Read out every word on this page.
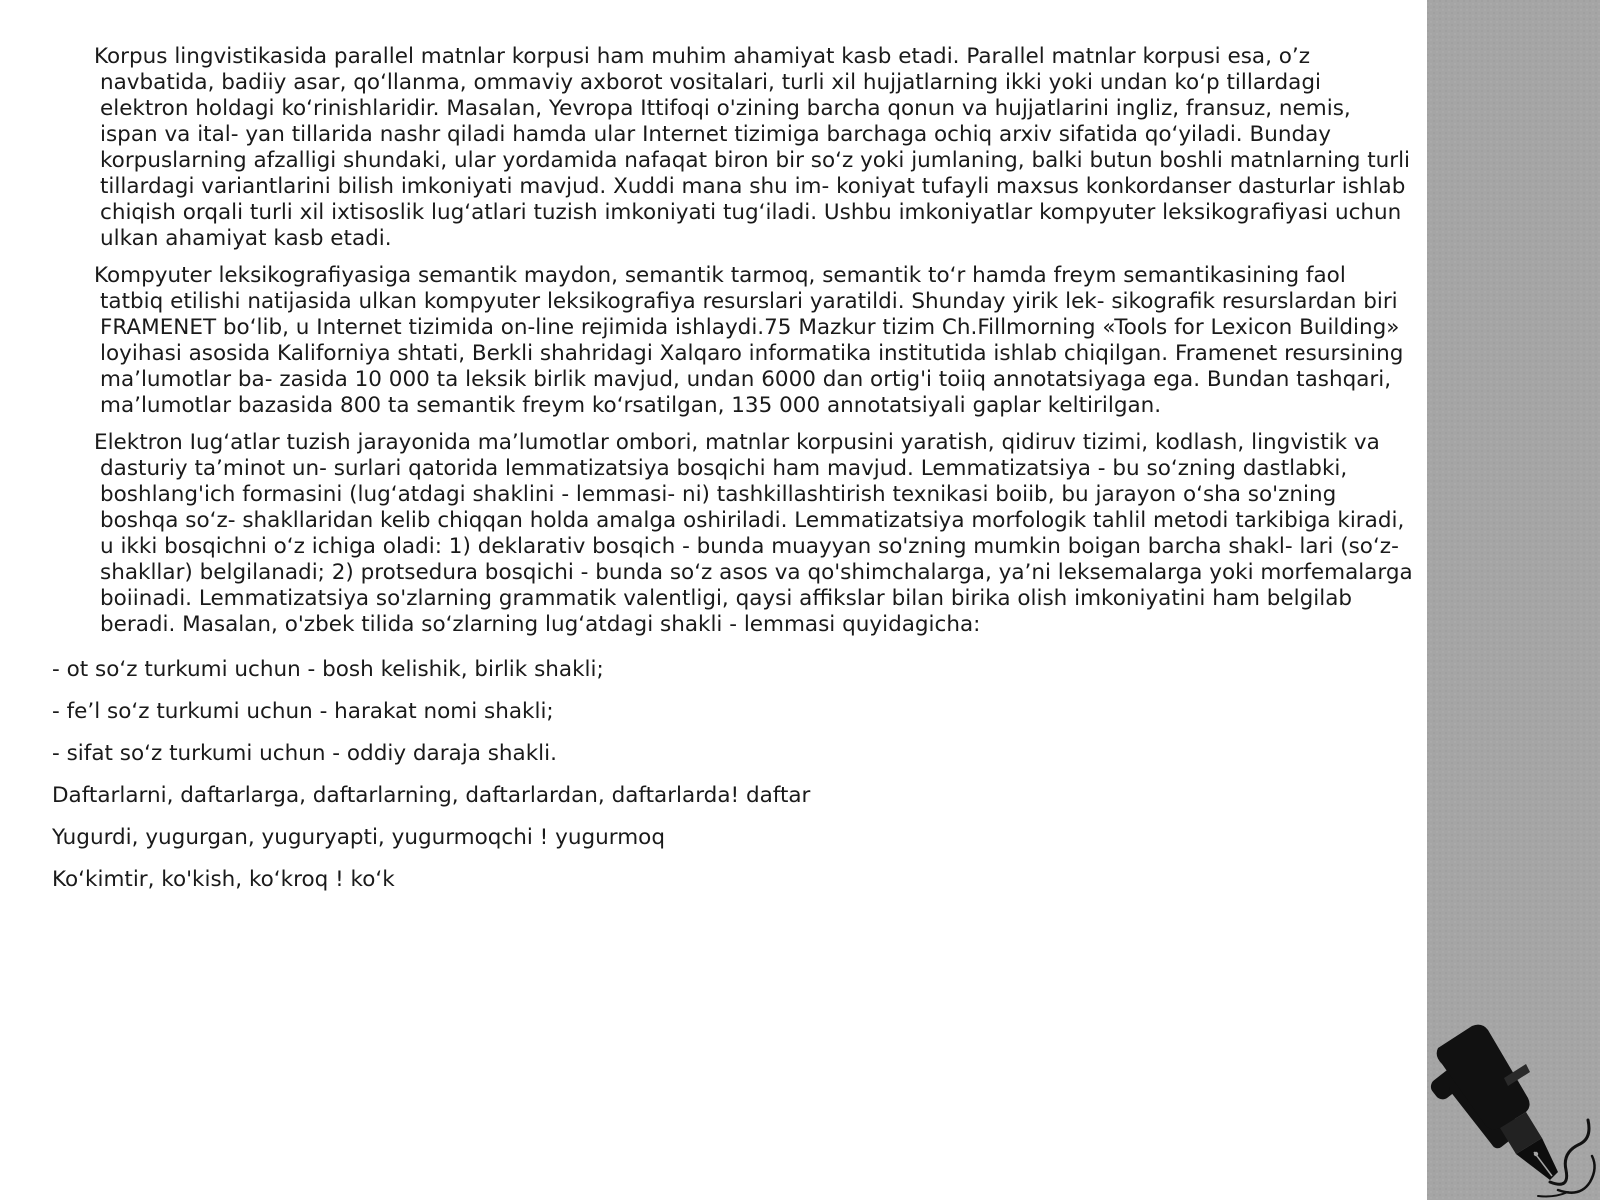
Korpus lingvistikasida parallel matnlar korpusi ham muhim ahamiyat kasb etadi. Parallel matnlar korpusi esa, o’z navbatida, badiiy asar, qo‘llanma, ommaviy axborot vositalari, turli xil hujjatlarning ikki yoki undan ko‘p tillardagi elektron holdagi ko‘rinishlaridir. Masalan, Yevropa Ittifoqi o'zining barcha qonun va hujjatlarini ingliz, fransuz, nemis, ispan va ital- yan tillarida nashr qiladi hamda ular Internet tizimiga barchaga ochiq arxiv sifatida qo‘yiladi. Bunday korpuslarning afzalligi shundaki, ular yordamida nafaqat biron bir so‘z yoki jumlaning, balki butun boshli matnlarning turli tillardagi variantlarini bilish imkoniyati mavjud. Xuddi mana shu im- koniyat tufayli maxsus konkordanser dasturlar ishlab chiqish orqali turli xil ixtisoslik lug‘atlari tuzish imkoniyati tug‘iladi. Ushbu imkoniyatlar kompyuter leksikografiyasi uchun ulkan ahamiyat kasb etadi.

Kompyuter leksikografiyasiga semantik maydon, semantik tarmoq, semantik to‘r hamda freym semantikasining faol tatbiq etilishi natijasida ulkan kompyuter leksikografiya resurslari yaratildi. Shunday yirik lek- sikografik resurslardan biri FRAMENET bo‘lib, u Internet tizimida on-line rejimida ishlaydi.75 Mazkur tizim Ch.Fillmorning «Tools for Lexicon Building» loyihasi asosida Kaliforniya shtati, Berkli shahridagi Xalqaro informatika institutida ishlab chiqilgan. Framenet resursining ma’lumotlar ba- zasida 10 000 ta leksik birlik mavjud, undan 6000 dan ortig'i toiiq annotatsiyaga ega. Bundan tashqari, ma’lumotlar bazasida 800 ta semantik freym ko‘rsatilgan, 135 000 annotatsiyali gaplar keltirilgan.

Elektron Iug‘atlar tuzish jarayonida ma’lumotlar ombori, matnlar korpusini yaratish, qidiruv tizimi, kodlash, lingvistik va dasturiy ta’minot un- surlari qatorida lemmatizatsiya bosqichi ham mavjud. Lemmatizatsiya - bu so‘zning dastlabki, boshlang'ich formasini (lug‘atdagi shaklini - lemmasi- ni) tashkillashtirish texnikasi boiib, bu jarayon o‘sha so'zning boshqa so‘z- shakllaridan kelib chiqqan holda amalga oshiriladi. Lemmatizatsiya morfologik tahlil metodi tarkibiga kiradi, u ikki bosqichni o‘z ichiga oladi: 1) deklarativ bosqich - bunda muayyan so'zning mumkin boigan barcha shakl- lari (so‘z-shakllar) belgilanadi; 2) protsedura bosqichi - bunda so‘z asos va qo'shimchalarga, ya’ni leksemalarga yoki morfemalarga boiinadi. Lemmatizatsiya so'zlarning grammatik valentligi, qaysi affikslar bilan birika olish imkoniyatini ham belgilab beradi. Masalan, o'zbek tilida so‘zlarning lug‘atdagi shakli - lemmasi quyidagicha:

- ot so‘z turkumi uchun - bosh kelishik, birlik shakli;

- fe’l so‘z turkumi uchun - harakat nomi shakli;

- sifat so‘z turkumi uchun - oddiy daraja shakli.

Daftarlarni, daftarlarga, daftarlarning, daftarlardan, daftarlarda! daftar

Yugurdi, yugurgan, yuguryapti, yugurmoqchi ! yugurmoq

Ko‘kimtir, ko'kish, ko‘kroq ! ko‘k
